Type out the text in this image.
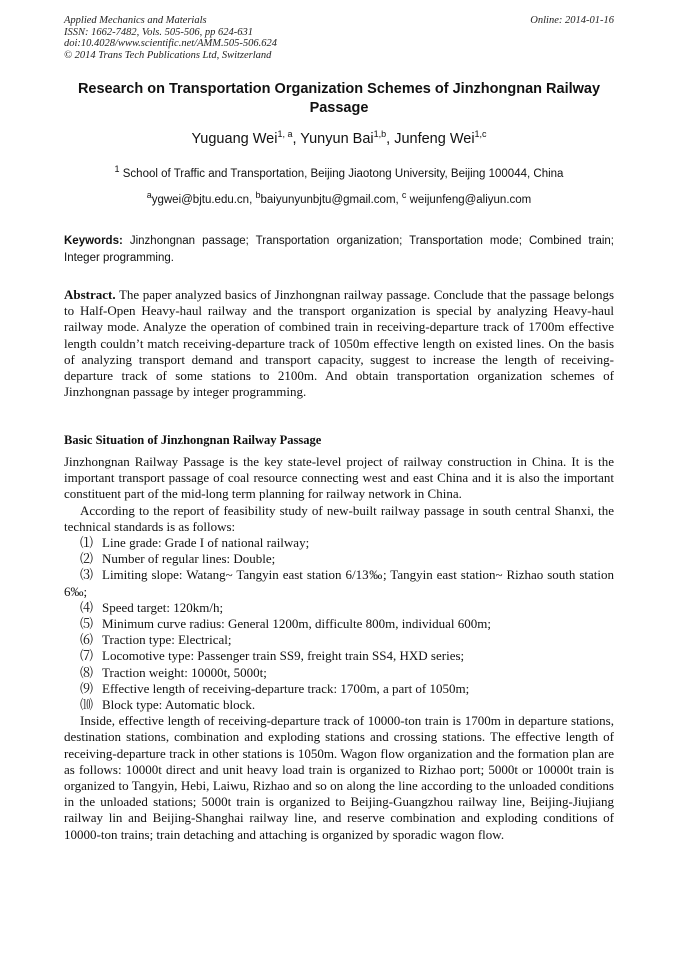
Applied Mechanics and Materials
ISSN: 1662-7482, Vols. 505-506, pp 624-631
doi:10.4028/www.scientific.net/AMM.505-506.624
© 2014 Trans Tech Publications Ltd, Switzerland
Online: 2014-01-16
Research on Transportation Organization Schemes of Jinzhongnan Railway Passage
Yuguang Wei$^{1, a}$, Yunyun Bai$^{1,b}$, Junfeng Wei$^{1,c}$
$^1$ School of Traffic and Transportation, Beijing Jiaotong University, Beijing 100044, China
$^a$ygwei@bjtu.edu.cn, $^b$baiyunyunbjtu@gmail.com, $^c$ weijunfeng@aliyun.com
Keywords: Jinzhongnan passage; Transportation organization; Transportation mode; Combined train; Integer programming.
Abstract. The paper analyzed basics of Jinzhongnan railway passage. Conclude that the passage belongs to Half-Open Heavy-haul railway and the transport organization is special by analyzing Heavy-haul railway mode. Analyze the operation of combined train in receiving-departure track of 1700m effective length couldn’t match receiving-departure track of 1050m effective length on existed lines. On the basis of analyzing transport demand and transport capacity, suggest to increase the length of receiving-departure track of some stations to 2100m. And obtain transportation organization schemes of Jinzhongnan passage by integer programming.
Basic Situation of Jinzhongnan Railway Passage

Jinzhongnan Railway Passage is the key state-level project of railway construction in China. It is the important transport passage of coal resource connecting west and east China and it is also the important constituent part of the mid-long term planning for railway network in China.

According to the report of feasibility study of new-built railway passage in south central Shanxi, the technical standards is as follows:

⑴ Line grade: Grade I of national railway;

⑵ Number of regular lines: Double;

⑶ Limiting slope: Watang~ Tangyin east station 6/13‰; Tangyin east station~ Rizhao south station 6‰;

⑷ Speed target: 120km/h;

⑸ Minimum curve radius: General 1200m, difficulte 800m, individual 600m;

⑹ Traction type: Electrical;

⑺ Locomotive type: Passenger train SS9, freight train SS4, HXD series;

⑻ Traction weight: 10000t, 5000t;

⑼ Effective length of receiving-departure track: 1700m, a part of 1050m;

⑽ Block type: Automatic block.

Inside, effective length of receiving-departure track of 10000-ton train is 1700m in departure stations, destination stations, combination and exploding stations and crossing stations. The effective length of receiving-departure track in other stations is 1050m. Wagon flow organization and the formation plan are as follows: 10000t direct and unit heavy load train is organized to Rizhao port; 5000t or 10000t train is organized to Tangyin, Hebi, Laiwu, Rizhao and so on along the line according to the unloaded conditions in the unloaded stations; 5000t train is organized to Beijing-Guangzhou railway line, Beijing-Jiujiang railway lin and Beijing-Shanghai railway line, and reserve combination and exploding conditions of 10000-ton trains; train detaching and attaching is organized by sporadic wagon flow.
